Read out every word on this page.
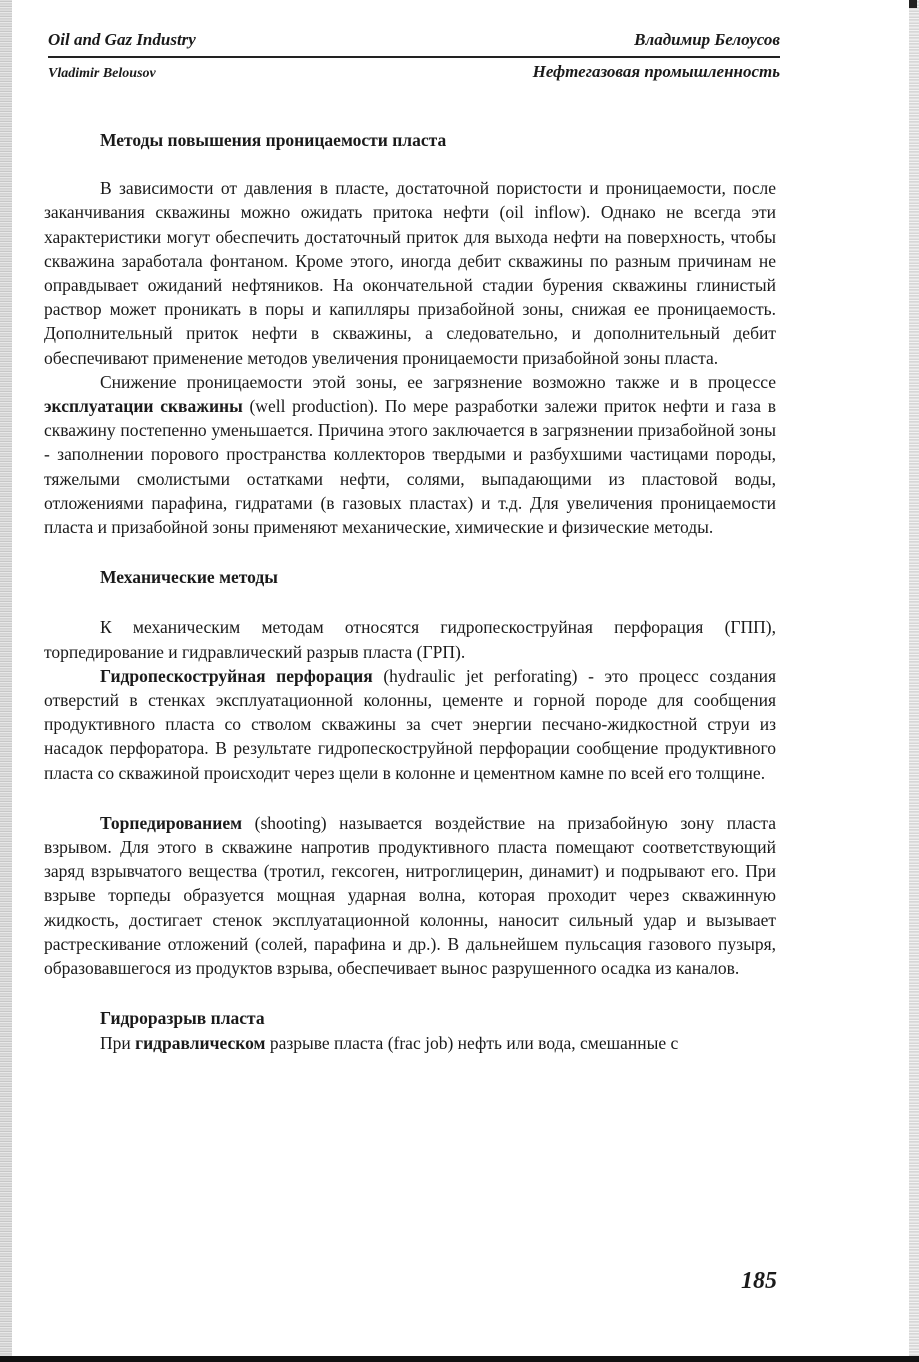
Oil and Gaz Industry	Владимир Белоусов
Vladimir Belousov	Нефтегазовая промышленность
Методы повышения проницаемости пласта

В зависимости от давления в пласте, достаточной пористости и проницаемости, после заканчивания скважины можно ожидать притока нефти (oil inflow). Однако не всегда эти характеристики могут обеспечить достаточный приток для выхода нефти на поверхность, чтобы скважина заработала фонтаном. Кроме этого, иногда дебит скважины по разным причинам не оправдывает ожиданий нефтяников. На окончательной стадии бурения скважины глинистый раствор может проникать в поры и капилляры призабойной зоны, снижая ее проницаемость. Дополнительный приток нефти в скважины, а следовательно, и дополнительный дебит обеспечивают применение методов увеличения проницаемости призабойной зоны пласта.

Снижение проницаемости этой зоны, ее загрязнение возможно также и в процессе эксплуатации скважины (well production). По мере разработки залежи приток нефти и газа в скважину постепенно уменьшается. Причина этого заключается в загрязнении призабойной зоны - заполнении порового пространства коллекторов твердыми и разбухшими частицами породы, тяжелыми смолистыми остатками нефти, солями, выпадающими из пластовой воды, отложениями парафина, гидратами (в газовых пластах) и т.д. Для увеличения проницаемости пласта и призабойной зоны применяют механические, химические и физические методы.

Механические методы

К механическим методам относятся гидропескоструйная перфорация (ГПП), торпедирование и гидравлический разрыв пласта (ГРП).

Гидропескоструйная перфорация (hydraulic jet perforating) - это процесс создания отверстий в стенках эксплуатационной колонны, цементе и горной породе для сообщения продуктивного пласта со стволом скважины за счет энергии песчано-жидкостной струи из насадок перфоратора. В результате гидропескоструйной перфорации сообщение продуктивного пласта со скважиной происходит через щели в колонне и цементном камне по всей его толщине.

Торпедированием (shooting) называется воздействие на призабойную зону пласта взрывом. Для этого в скважине напротив продуктивного пласта помещают соответствующий заряд взрывчатого вещества (тротил, гексоген, нитроглицерин, динамит) и подрывают его. При взрыве торпеды образуется мощная ударная волна, которая проходит через скважинную жидкость, достигает стенок эксплуатационной колонны, наносит сильный удар и вызывает растрескивание отложений (солей, парафина и др.). В дальнейшем пульсация газового пузыря, образовавшегося из продуктов взрыва, обеспечивает вынос разрушенного осадка из каналов.

Гидроразрыв пласта

При гидравлическом разрыве пласта (frac job) нефть или вода, смешанные с

185
